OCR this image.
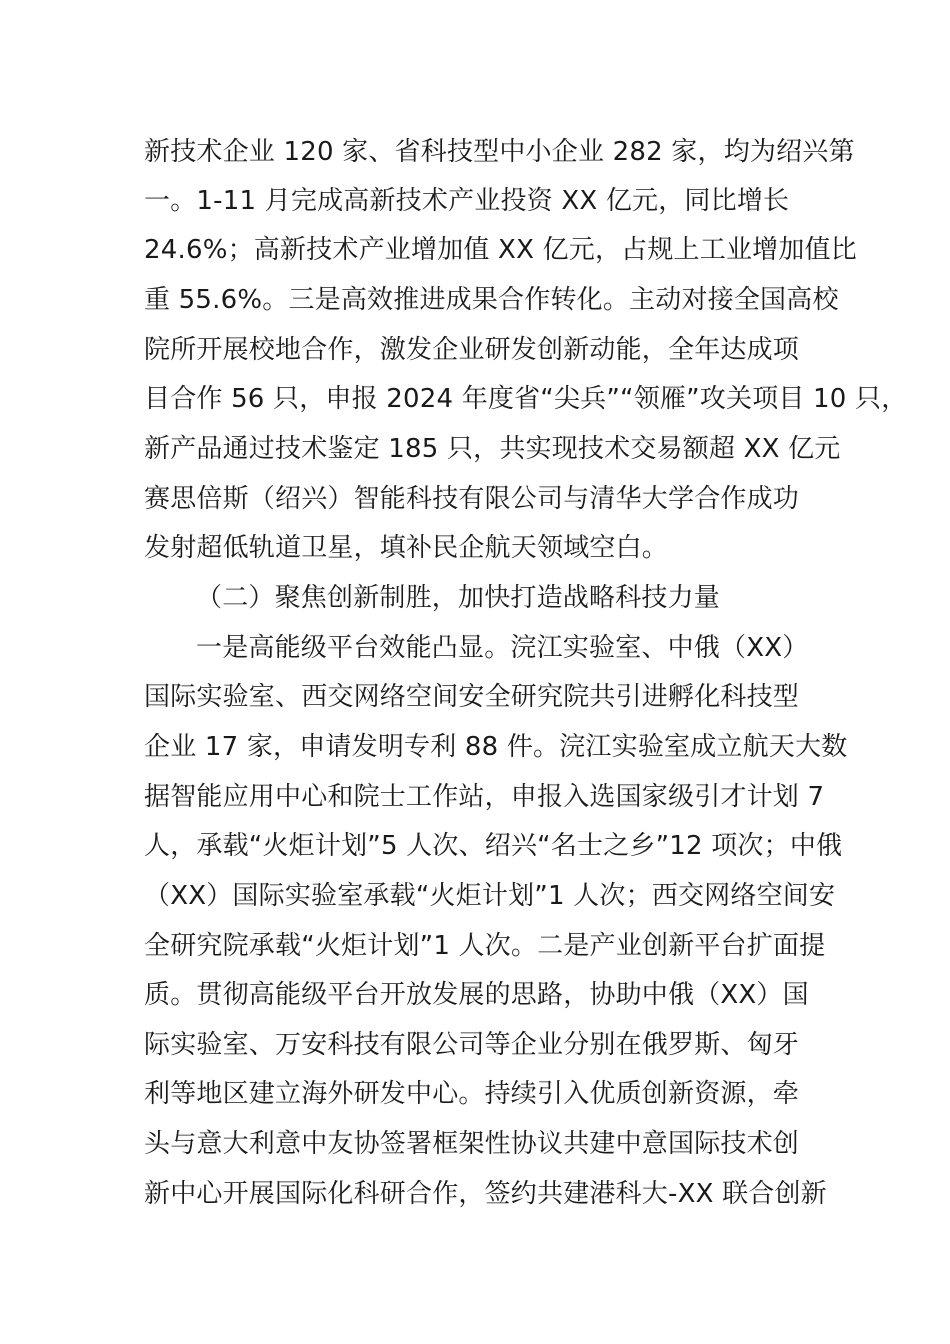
新技术企业 120 家、省科技型中小企业 282 家，均为绍兴第
一。1-11 月完成高新技术产业投资 XX 亿元，同比增长
24.6%；高新技术产业增加值 XX 亿元，占规上工业增加值比
重 55.6%。三是高效推进成果合作转化。主动对接全国高校
院所开展校地合作，激发企业研发创新动能，全年达成项
目合作 56 只，申报 2024 年度省“尖兵”“领雁”攻关项目 10 只，
新产品通过技术鉴定 185 只，共实现技术交易额超 XX 亿元
赛思倍斯（绍兴）智能科技有限公司与清华大学合作成功
发射超低轨道卫星，填补民企航天领域空白。
（二）聚焦创新制胜，加快打造战略科技力量
一是高能级平台效能凸显。浣江实验室、中俄（XX）
国际实验室、西交网络空间安全研究院共引进孵化科技型
企业 17 家，申请发明专利 88 件。浣江实验室成立航天大数
据智能应用中心和院士工作站，申报入选国家级引才计划 7
人，承载“火炬计划”5 人次、绍兴“名士之乡”12 项次；中俄
（XX）国际实验室承载“火炬计划”1 人次；西交网络空间安
全研究院承载“火炬计划”1 人次。二是产业创新平台扩面提
质。贯彻高能级平台开放发展的思路，协助中俄（XX）国
际实验室、万安科技有限公司等企业分别在俄罗斯、匈牙
利等地区建立海外研发中心。持续引入优质创新资源，牵
头与意大利意中友协签署框架性协议共建中意国际技术创
新中心开展国际化科研合作，签约共建港科大-XX 联合创新
